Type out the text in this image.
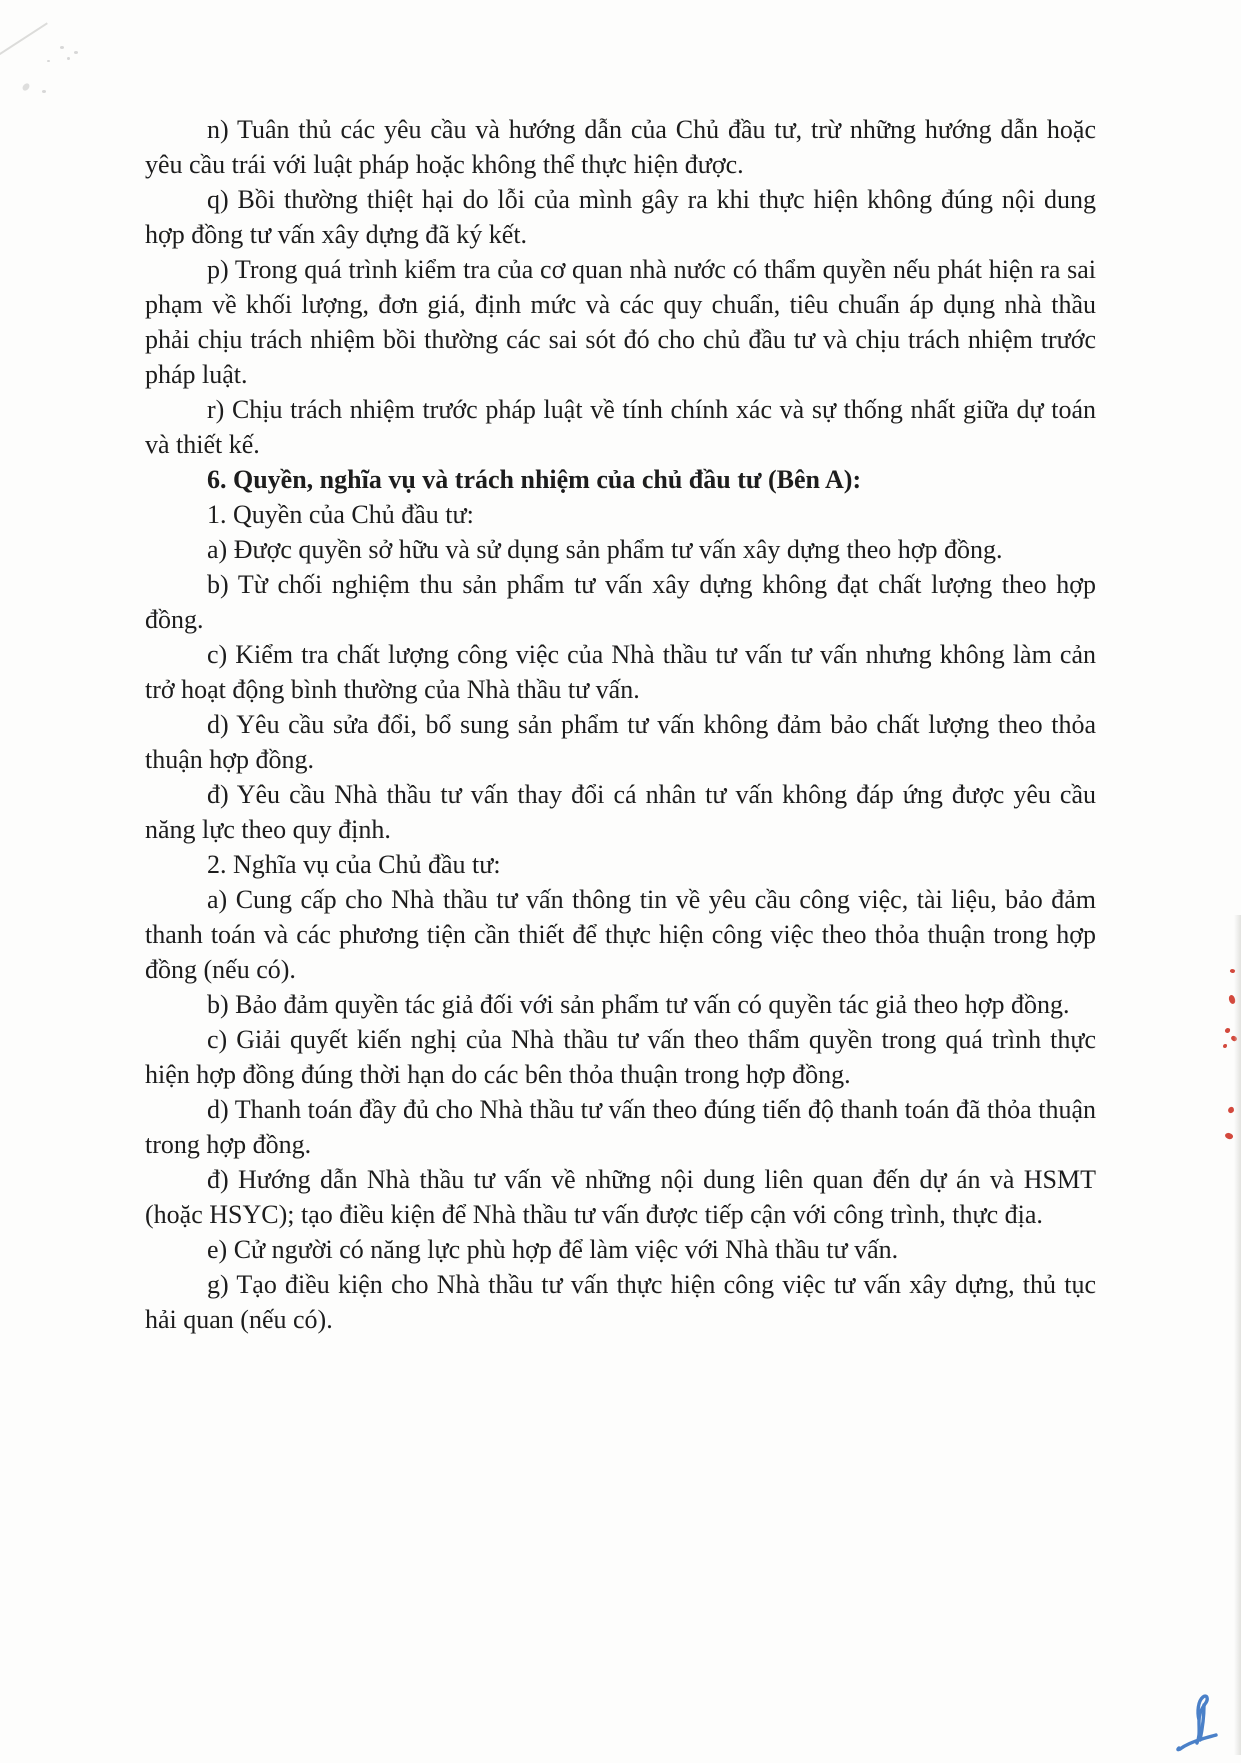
n) Tuân thủ các yêu cầu và hướng dẫn của Chủ đầu tư, trừ những hướng dẫn hoặc yêu cầu trái với luật pháp hoặc không thể thực hiện được.

q) Bồi thường thiệt hại do lỗi của mình gây ra khi thực hiện không đúng nội dung hợp đồng tư vấn xây dựng đã ký kết.

p) Trong quá trình kiểm tra của cơ quan nhà nước có thẩm quyền nếu phát hiện ra sai phạm về khối lượng, đơn giá, định mức và các quy chuẩn, tiêu chuẩn áp dụng nhà thầu phải chịu trách nhiệm bồi thường các sai sót đó cho chủ đầu tư và chịu trách nhiệm trước pháp luật.

r) Chịu trách nhiệm trước pháp luật về tính chính xác và sự thống nhất giữa dự toán và thiết kế.

6. Quyền, nghĩa vụ và trách nhiệm của chủ đầu tư (Bên A):

1. Quyền của Chủ đầu tư:

a) Được quyền sở hữu và sử dụng sản phẩm tư vấn xây dựng theo hợp đồng.

b) Từ chối nghiệm thu sản phẩm tư vấn xây dựng không đạt chất lượng theo hợp đồng.

c) Kiểm tra chất lượng công việc của Nhà thầu tư vấn tư vấn nhưng không làm cản trở hoạt động bình thường của Nhà thầu tư vấn.

d) Yêu cầu sửa đổi, bổ sung sản phẩm tư vấn không đảm bảo chất lượng theo thỏa thuận hợp đồng.

đ) Yêu cầu Nhà thầu tư vấn thay đổi cá nhân tư vấn không đáp ứng được yêu cầu năng lực theo quy định.

2. Nghĩa vụ của Chủ đầu tư:

a) Cung cấp cho Nhà thầu tư vấn thông tin về yêu cầu công việc, tài liệu, bảo đảm thanh toán và các phương tiện cần thiết để thực hiện công việc theo thỏa thuận trong hợp đồng (nếu có).

b) Bảo đảm quyền tác giả đối với sản phẩm tư vấn có quyền tác giả theo hợp đồng.

c) Giải quyết kiến nghị của Nhà thầu tư vấn theo thẩm quyền trong quá trình thực hiện hợp đồng đúng thời hạn do các bên thỏa thuận trong hợp đồng.

d) Thanh toán đầy đủ cho Nhà thầu tư vấn theo đúng tiến độ thanh toán đã thỏa thuận trong hợp đồng.

đ) Hướng dẫn Nhà thầu tư vấn về những nội dung liên quan đến dự án và HSMT (hoặc HSYC); tạo điều kiện để Nhà thầu tư vấn được tiếp cận với công trình, thực địa.

e) Cử người có năng lực phù hợp để làm việc với Nhà thầu tư vấn.

g) Tạo điều kiện cho Nhà thầu tư vấn thực hiện công việc tư vấn xây dựng, thủ tục hải quan (nếu có).
